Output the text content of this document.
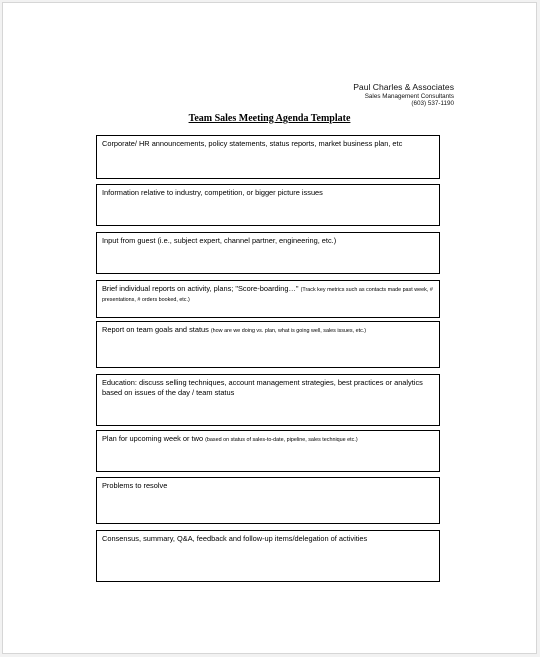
Paul Charles & Associates
Sales Management Consultants
(603) 537-1190
Team Sales Meeting Agenda Template
Corporate/ HR announcements, policy statements, status reports, market business plan, etc
Information relative to industry, competition, or bigger picture issues
Input from guest (i.e., subject expert, channel partner, engineering, etc.)
Brief individual reports on activity, plans; "Score-boarding…" (Track key metrics such as contacts made past week, # presentations, # orders booked, etc.)
Report on team goals and status (how are we doing vs. plan, what is going well, sales issues, etc.)
Education: discuss selling techniques, account management strategies, best practices or analytics based on issues of the day / team status
Plan for upcoming week or two (based on status of sales-to-date, pipeline, sales technique etc.)
Problems to resolve
Consensus, summary, Q&A, feedback and follow-up items/delegation of activities
